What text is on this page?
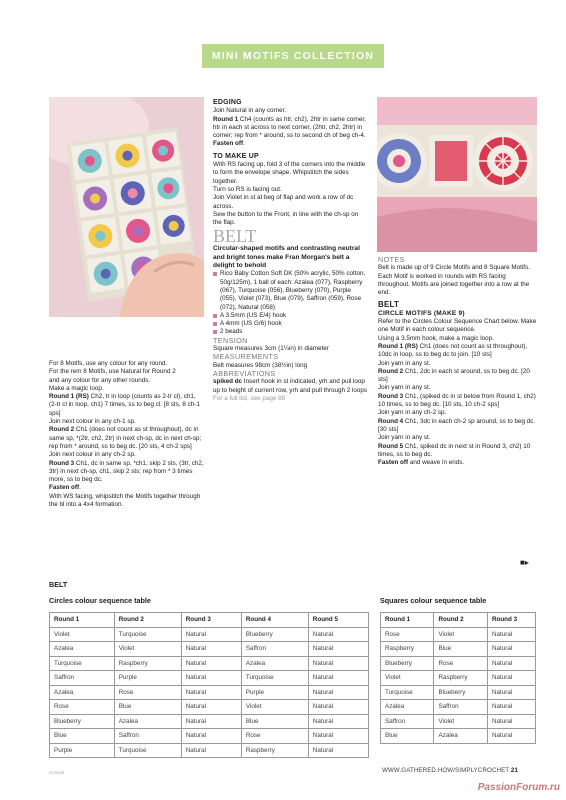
MINI MOTIFS COLLECTION

For 8 Motifs, use any colour for any round.

For the rem 8 Motifs, use Natural for Round 2

and any colour for any other rounds.

Make a magic loop.

Round 1 (RS) Ch2, tr in loop (counts as 2-tr cl), ch1, (2-tr cl in loop, ch1) 7 times, ss to beg cl. [8 sts, 8 ch-1 sps]

Join next colour in any ch-1 sp.

Round 2 Ch1 (does not count as st throughout), dc in same sp, *(2tr, ch2, 2tr) in next ch-sp, dc in next ch-sp; rep from * around, ss to beg dc. [20 sts, 4 ch-2 sps]

Join next colour in any ch-2 sp.

Round 3 Ch1, dc in same sp, *ch1, skip 2 sts, (3tr, ch2, 3tr) in next ch-sp, ch1, skip 2 sts; rep from * 3 times more, ss to beg dc.

Fasten off.

With WS facing, whipstitch the Motifs together through the bl into a 4x4 formation.

EDGING

Join Natural in any corner.

Round 1 Ch4 (counts as htr, ch2), 2htr in same corner, htr in each st across to next corner, (2htr, ch2, 2htr) in corner; rep from * around, ss to second ch of beg ch-4.

Fasten off.

TO MAKE UP

With RS facing up, fold 3 of the corners into the middle to form the envelope shape. Whipstitch the sides together.

Turn so RS is facing out.

Join Violet in st at beg of flap and work a row of dc across.

Sew the button to the Front, in line with the ch-sp on the flap.

BELT

Circular-shaped motifs and contrasting neutral and bright tones make Fran Morgan's belt a delight to behold

Rico Baby Cotton Soft DK (50% acrylic, 50% cotton, 50g/125m), 1 ball of each: Azalea (077), Raspberry (067), Turquoise (056), Blueberry (070), Purple (055), Violet (073), Blue (079), Saffron (059), Rose (072), Natural (058)
A 3.5mm (US E/4) hook
A 4mm (US G/6) hook
2 beads

TENSION

Square measures 3cm (1¼in) in diameter

MEASUREMENTS

Belt measures 98cm (38½in) long

ABBREVIATIONS

spiked dc Insert hook in st indicated, yrh and pull loop up to height of current row, yrh and pull through 2 loops

For a full list, see page 88

NOTES

Belt is made up of 9 Circle Motifs and 8 Square Motifs. Each Motif is worked in rounds with RS facing throughout. Motifs are joined together into a row at the end.

BELT

CIRCLE MOTIFS (MAKE 9)

Refer to the Circles Colour Sequence Chart below. Make one Motif in each colour sequence.

Using a 3.5mm hook, make a magic loop.

Round 1 (RS) Ch1 (does not count as st throughout), 10dc in loop, ss to beg dc to join. [10 sts]

Join yarn in any st.

Round 2 Ch1, 2dc in each st around, ss to beg dc. [20 sts]

Join yarn in any st.

Round 3 Ch1, (spiked dc in st below from Round 1, ch2) 10 times, ss to beg dc. [10 sts, 10 ch-2 sps]

Join yarn in any ch-2 sp.

Round 4 Ch1, 3dc in each ch-2 sp around, ss to beg dc. [30 sts]

Join yarn in any st.

Round 5 Ch1, spiked dc in next st in Round 3, ch2) 10 times, ss to beg dc.

Fasten off and weave in ends.

■▸
BELT
Circles colour sequence table	Squares colour sequence table
Round 1	Round 2	Round 3	Round 4	Round 5
Violet	Turquoise	Natural	Blueberry	Natural
Azalea	Violet	Natural	Saffron	Natural
Turquoise	Raspberry	Natural	Azalea	Natural
Saffron	Purple	Natural	Turquoise	Natural
Azalea	Rose	Natural	Purple	Natural
Rose	Blue	Natural	Violet	Natural
Blueberry	Azalea	Natural	Blue	Natural
Blue	Saffron	Natural	Rose	Natural
Purple	Turquoise	Natural	Raspberry	Natural
Round 1	Round 2	Round 3
Rose	Violet	Natural
Raspberry	Blue	Natural
Blueberry	Rose	Natural
Violet	Raspberry	Natural
Turquoise	Blueberry	Natural
Azalea	Saffron	Natural
Saffron	Violet	Natural
Blue	Azalea	Natural
SCR153	WWW.GATHERED.HOW/SIMPLYCROCHET 21
PassionForum.ru
